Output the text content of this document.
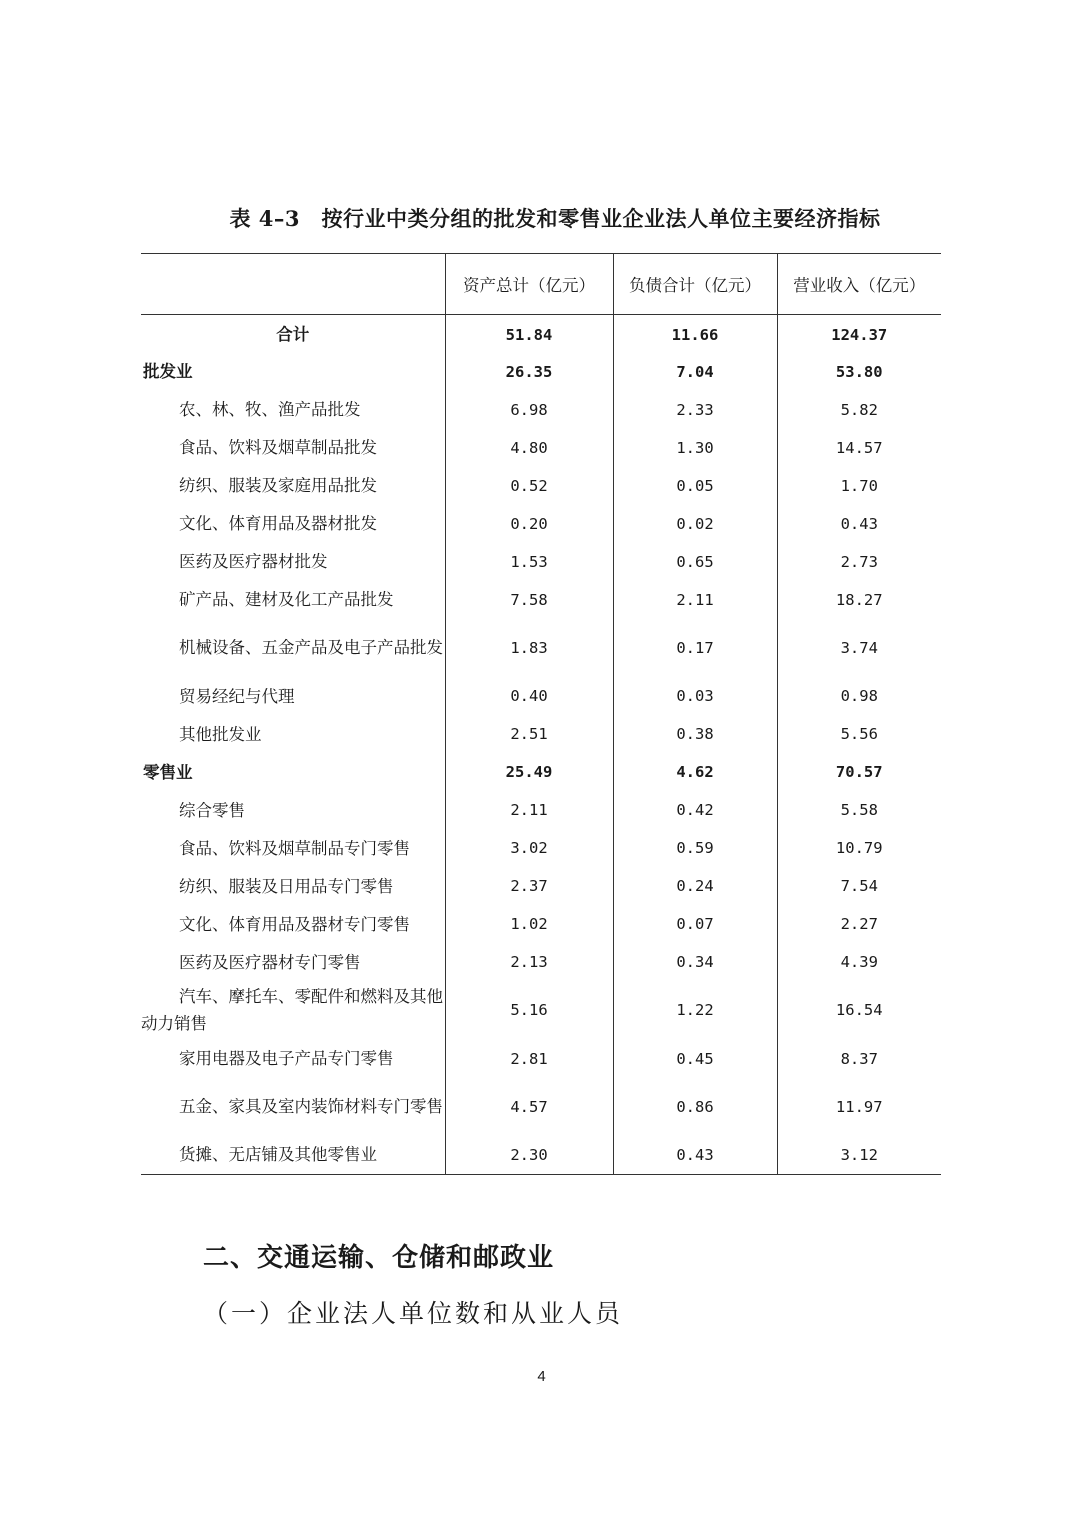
表 4–3　按行业中类分组的批发和零售业企业法人单位主要经济指标
	资产总计（亿元）	负债合计（亿元）	营业收入（亿元）
合计	51.84	11.66	124.37
批发业	26.35	7.04	53.80
农、林、牧、渔产品批发	6.98	2.33	5.82
食品、饮料及烟草制品批发	4.80	1.30	14.57
纺织、服装及家庭用品批发	0.52	0.05	1.70
文化、体育用品及器材批发	0.20	0.02	0.43
医药及医疗器材批发	1.53	0.65	2.73
矿产品、建材及化工产品批发	7.58	2.11	18.27
机械设备、五金产品及电子产品批发	1.83	0.17	3.74
贸易经纪与代理	0.40	0.03	0.98
其他批发业	2.51	0.38	5.56
零售业	25.49	4.62	70.57
综合零售	2.11	0.42	5.58
食品、饮料及烟草制品专门零售	3.02	0.59	10.79
纺织、服装及日用品专门零售	2.37	0.24	7.54
文化、体育用品及器材专门零售	1.02	0.07	2.27
医药及医疗器材专门零售	2.13	0.34	4.39
汽车、摩托车、零配件和燃料及其他动力销售	5.16	1.22	16.54
家用电器及电子产品专门零售	2.81	0.45	8.37
五金、家具及室内装饰材料专门零售	4.57	0.86	11.97
货摊、无店铺及其他零售业	2.30	0.43	3.12
二、交通运输、仓储和邮政业
（一）企业法人单位数和从业人员
4
